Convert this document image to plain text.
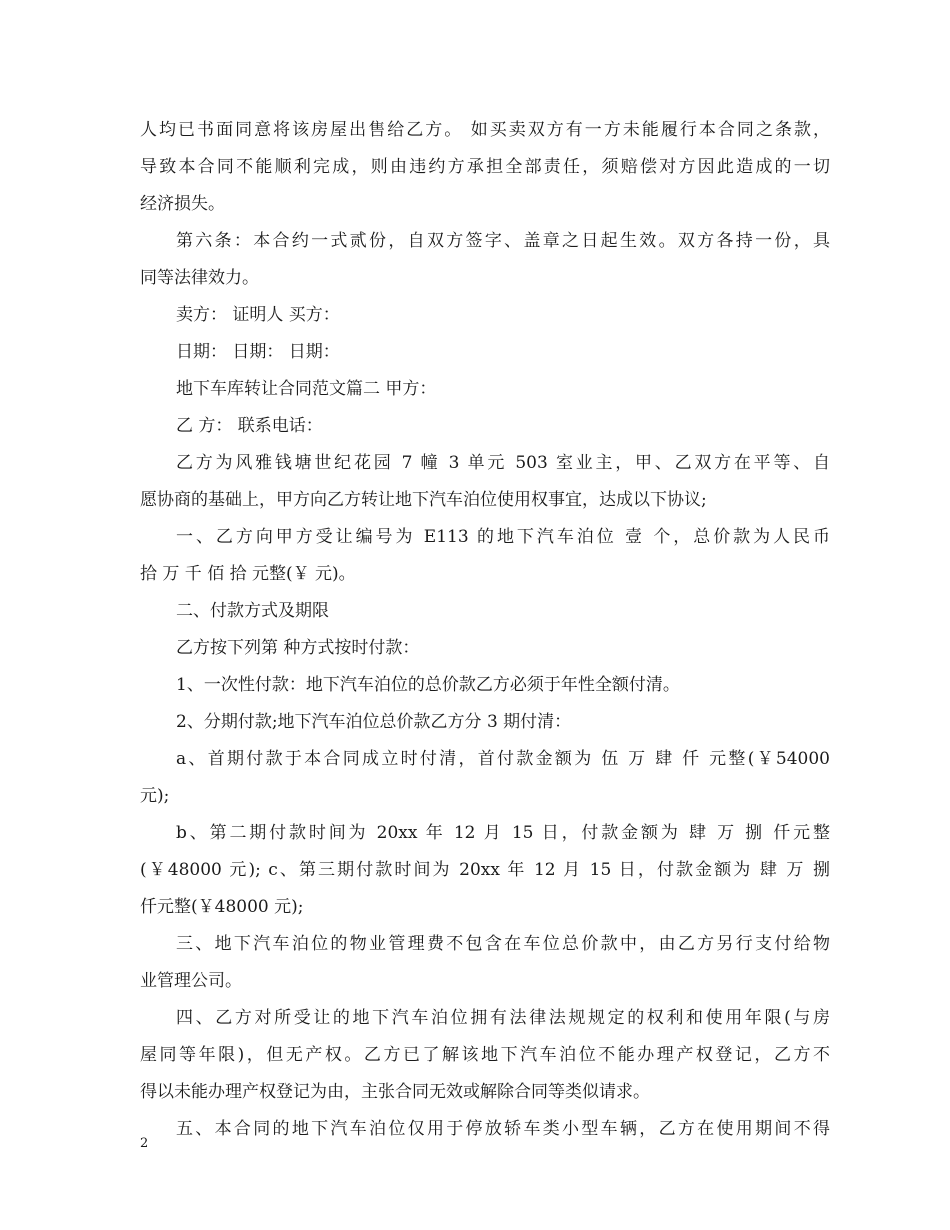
人均已书面同意将该房屋出售给乙方。 如买卖双方有一方未能履行本合同之条款，
导致本合同不能顺利完成，则由违约方承担全部责任，须赔偿对方因此造成的一切
经济损失。
第六条：本合约一式贰份，自双方签字、盖章之日起生效。双方各持一份，具
同等法律效力。
卖方： 证明人 买方：
日期： 日期： 日期：
地下车库转让合同范文篇二 甲方：
乙 方： 联系电话：
乙方为风雅钱塘世纪花园 7 幢 3 单元 503 室业主，甲、乙双方在平等、自
愿协商的基础上，甲方向乙方转让地下汽车泊位使用权事宜，达成以下协议;
一、乙方向甲方受让编号为 E113 的地下汽车泊位 壹 个，总价款为人民币
拾 万 千 佰 拾 元整(￥ 元)。
二、付款方式及期限
乙方按下列第 种方式按时付款：
1、一次性付款：地下汽车泊位的总价款乙方必须于年性全额付清。
2、分期付款;地下汽车泊位总价款乙方分 3 期付清：
a、首期付款于本合同成立时付清，首付款金额为 伍 万 肆 仟 元整(￥54000
元);
b、第二期付款时间为 20xx 年 12 月 15 日，付款金额为 肆 万 捌 仟元整
(￥48000 元); c、第三期付款时间为 20xx 年 12 月 15 日，付款金额为 肆 万 捌
仟元整(￥48000 元);
三、地下汽车泊位的物业管理费不包含在车位总价款中，由乙方另行支付给物
业管理公司。
四、乙方对所受让的地下汽车泊位拥有法律法规规定的权利和使用年限(与房
屋同等年限)，但无产权。乙方已了解该地下汽车泊位不能办理产权登记，乙方不
得以未能办理产权登记为由，主张合同无效或解除合同等类似请求。
五、本合同的地下汽车泊位仅用于停放轿车类小型车辆，乙方在使用期间不得
2
